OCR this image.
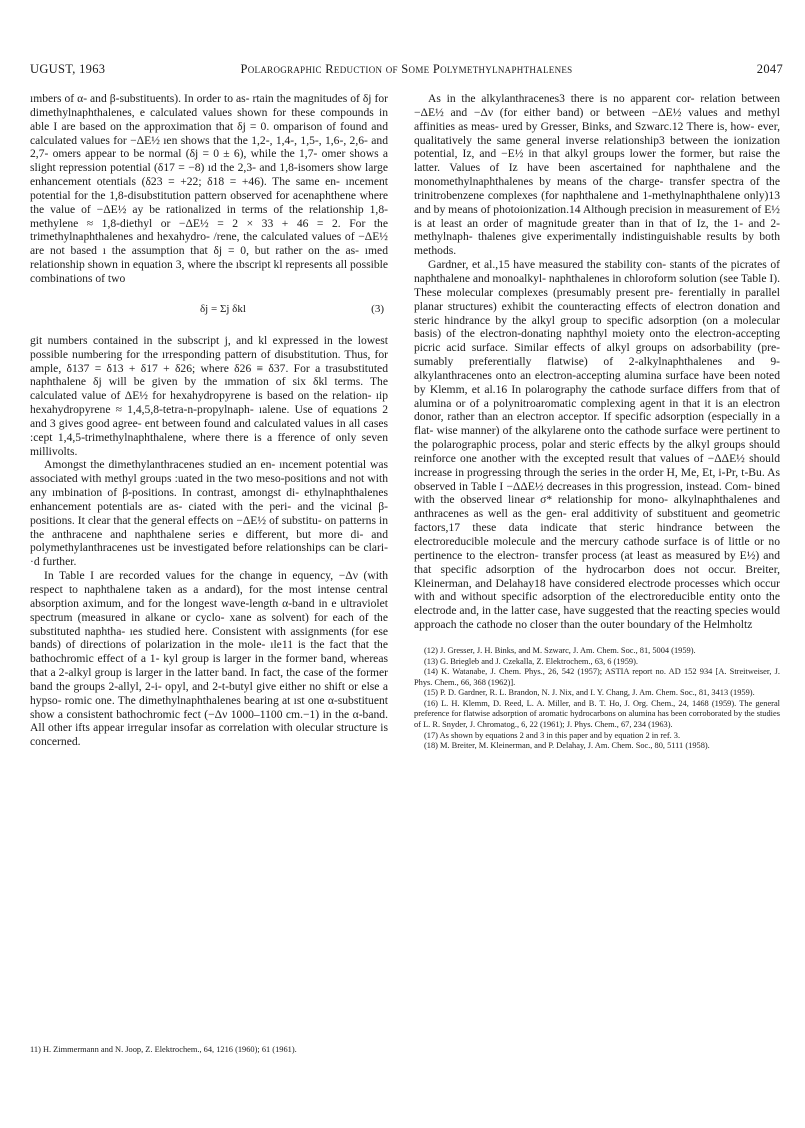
UGUST, 1963	Polarographic Reduction of Some Polymethylnaphthalenes	2047

ımbers of α- and β-substituents). In order to as- rtain the magnitudes of δj for dimethylnaphthalenes, e calculated values shown for these compounds in able I are based on the approximation that δj = 0. omparison of found and calculated values for −ΔE½ ıen shows that the 1,2-, 1,4-, 1,5-, 1,6-, 2,6- and 2,7- omers appear to be normal (δj = 0 ± 6), while the 1,7- omer shows a slight repression potential (δ17 = −8) ıd the 2,3- and 1,8-isomers show large enhancement otentials (δ23 = +22; δ18 = +46). The same en- ıncement potential for the 1,8-disubstitution pattern observed for acenaphthene where the value of −ΔE½ ay be rationalized in terms of the relationship 1,8- methylene ≈ 1,8-diethyl or −ΔE½ = 2 × 33 + 46 = 2. For the trimethylnaphthalenes and hexahydro- /rene, the calculated values of −ΔE½ are not based ı the assumption that δj = 0, but rather on the as- ımed relationship shown in equation 3, where the ıbscript kl represents all possible combinations of two

δj = Σj δkl	(3)

git numbers contained in the subscript j, and kl expressed in the lowest possible numbering for the ırresponding pattern of disubstitution. Thus, for ample, δ137 = δ13 + δ17 + δ26; where δ26 ≡ δ37. For a trasubstituted naphthalene δj will be given by the ımmation of six δkl terms. The calculated value of ΔE½ for hexahydropyrene is based on the relation- ıip hexahydropyrene ≈ 1,4,5,8-tetra-n-propylnaph- ıalene. Use of equations 2 and 3 gives good agree- ent between found and calculated values in all cases :cept 1,4,5-trimethylnaphthalene, where there is a fference of only seven millivolts.

Amongst the dimethylanthracenes studied an en- ıncement potential was associated with methyl groups :uated in the two meso-positions and not with any ımbination of β-positions. In contrast, amongst di- ethylnaphthalenes enhancement potentials are as- ciated with the peri- and the vicinal β-positions. It clear that the general effects on −ΔE½ of substitu- on patterns in the anthracene and naphthalene series e different, but more di- and polymethylanthracenes ust be investigated before relationships can be clari- ·d further.

In Table I are recorded values for the change in equency, −Δν (with respect to naphthalene taken as a andard), for the most intense central absorption aximum, and for the longest wave-length α-band in e ultraviolet spectrum (measured in alkane or cyclo- xane as solvent) for each of the substituted naphtha- ıes studied here. Consistent with assignments (for ese bands) of directions of polarization in the mole- ıle11 is the fact that the bathochromic effect of a 1- kyl group is larger in the former band, whereas that a 2-alkyl group is larger in the latter band. In fact, the case of the former band the groups 2-allyl, 2-i- opyl, and 2-t-butyl give either no shift or else a hypso- romic one. The dimethylnaphthalenes bearing at ıst one α-substituent show a consistent bathochromic fect (−Δν 1000–1100 cm.−1) in the α-band. All other ifts appear irregular insofar as correlation with olecular structure is concerned.

11) H. Zimmermann and N. Joop, Z. Elektrochem., 64, 1216 (1960); 61 (1961).

As in the alkylanthracenes3 there is no apparent cor- relation between −ΔE½ and −Δν (for either band) or between −ΔE½ values and methyl affinities as meas- ured by Gresser, Binks, and Szwarc.12 There is, how- ever, qualitatively the same general inverse relationship3 between the ionization potential, Iz, and −E½ in that alkyl groups lower the former, but raise the latter. Values of Iz have been ascertained for naphthalene and the monomethylnaphthalenes by means of the charge- transfer spectra of the trinitrobenzene complexes (for naphthalene and 1-methylnaphthalene only)13 and by means of photoionization.14 Although precision in measurement of E½ is at least an order of magnitude greater than in that of Iz, the 1- and 2-methylnaph- thalenes give experimentally indistinguishable results by both methods.

Gardner, et al.,15 have measured the stability con- stants of the picrates of naphthalene and monoalkyl- naphthalenes in chloroform solution (see Table I). These molecular complexes (presumably present pre- ferentially in parallel planar structures) exhibit the counteracting effects of electron donation and steric hindrance by the alkyl group to specific adsorption (on a molecular basis) of the electron-donating naphthyl moiety onto the electron-accepting picric acid surface. Similar effects of alkyl groups on adsorbability (pre- sumably preferentially flatwise) of 2-alkylnaphthalenes and 9-alkylanthracenes onto an electron-accepting alumina surface have been noted by Klemm, et al.16 In polarography the cathode surface differs from that of alumina or of a polynitroaromatic complexing agent in that it is an electron donor, rather than an electron acceptor. If specific adsorption (especially in a flat- wise manner) of the alkylarene onto the cathode surface were pertinent to the polarographic process, polar and steric effects by the alkyl groups should reinforce one another with the excepted result that values of −ΔΔE½ should increase in progressing through the series in the order H, Me, Et, i-Pr, t-Bu. As observed in Table I −ΔΔE½ decreases in this progression, instead. Com- bined with the observed linear σ* relationship for mono- alkylnaphthalenes and anthracenes as well as the gen- eral additivity of substituent and geometric factors,17 these data indicate that steric hindrance between the electroreducible molecule and the mercury cathode surface is of little or no pertinence to the electron- transfer process (at least as measured by E½) and that specific adsorption of the hydrocarbon does not occur. Breiter, Kleinerman, and Delahay18 have considered electrode processes which occur with and without specific adsorption of the electroreducible entity onto the electrode and, in the latter case, have suggested that the reacting species would approach the cathode no closer than the outer boundary of the Helmholtz

(12) J. Gresser, J. H. Binks, and M. Szwarc, J. Am. Chem. Soc., 81, 5004 (1959).

(13) G. Briegleb and J. Czekalla, Z. Elektrochem., 63, 6 (1959).

(14) K. Watanabe, J. Chem. Phys., 26, 542 (1957); ASTIA report no. AD 152 934 [A. Streitweiser, J. Phys. Chem., 66, 368 (1962)].

(15) P. D. Gardner, R. L. Brandon, N. J. Nix, and I. Y. Chang, J. Am. Chem. Soc., 81, 3413 (1959).

(16) L. H. Klemm, D. Reed, L. A. Miller, and B. T. Ho, J. Org. Chem., 24, 1468 (1959). The general preference for flatwise adsorption of aromatic hydrocarbons on alumina has been corroborated by the studies of L. R. Snyder, J. Chromatog., 6, 22 (1961); J. Phys. Chem., 67, 234 (1963).

(17) As shown by equations 2 and 3 in this paper and by equation 2 in ref. 3.

(18) M. Breiter, M. Kleinerman, and P. Delahay, J. Am. Chem. Soc., 80, 5111 (1958).
